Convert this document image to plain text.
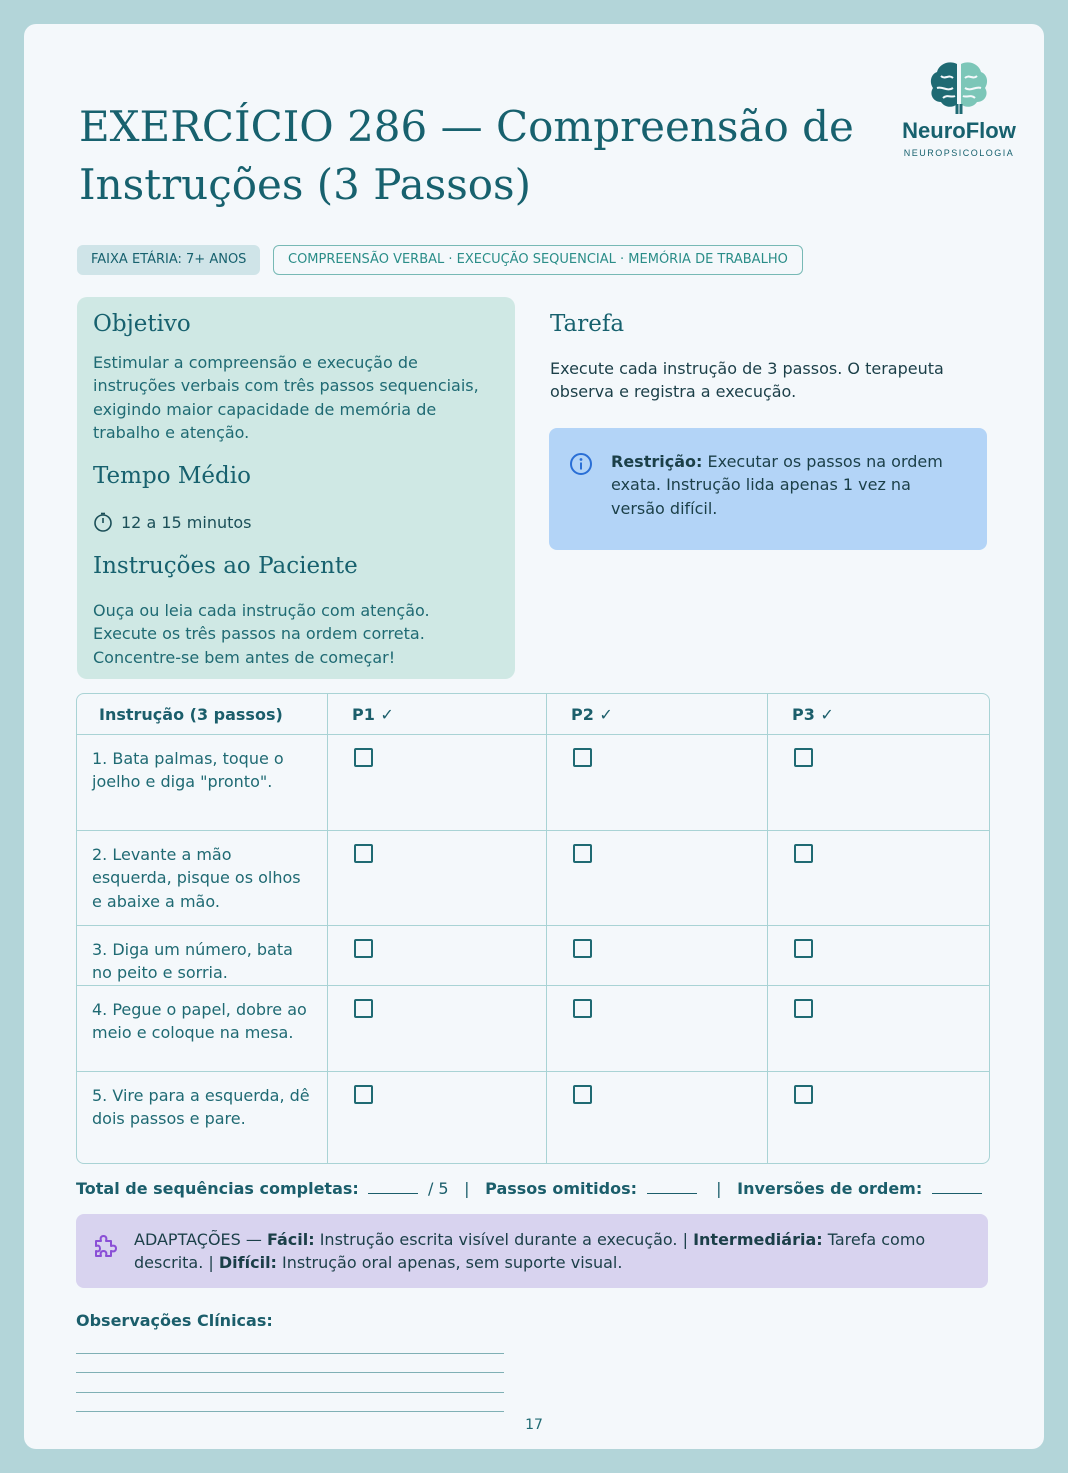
EXERCÍCIO 286 — Compreensão de Instruções (3 Passos)
NeuroFlow
NEUROPSICOLOGIA
FAIXA ETÁRIA: 7+ ANOS	COMPREENSÃO VERBAL · EXECUÇÃO SEQUENCIAL · MEMÓRIA DE TRABALHO
Objetivo

Estimular a compreensão e execução de instruções verbais com três passos sequenciais, exigindo maior capacidade de memória de trabalho e atenção.

Tempo Médio
12 a 15 minutos
Instruções ao Paciente

Ouça ou leia cada instrução com atenção. Execute os três passos na ordem correta. Concentre-se bem antes de começar!

Tarefa

Execute cada instrução de 3 passos. O terapeuta observa e registra a execução.

Restrição: Executar os passos na ordem exata. Instrução lida apenas 1 vez na versão difícil.
Instrução (3 passos)	P1 ✓	P2 ✓	P3 ✓
1. Bata palmas, toque o joelho e diga "pronto".			
2. Levante a mão esquerda, pisque os olhos e abaixe a mão.			
3. Diga um número, bata no peito e sorria.			
4. Pegue o papel, dobre ao meio e coloque na mesa.			
5. Vire para a esquerda, dê dois passos e pare.			
Total de sequências completas:	/ 5 | Passos omitidos:	| Inversões de ordem:
ADAPTAÇÕES — Fácil: Instrução escrita visível durante a execução. | Intermediária: Tarefa como descrita. | Difícil: Instrução oral apenas, sem suporte visual.
Observações Clínicas:
17
